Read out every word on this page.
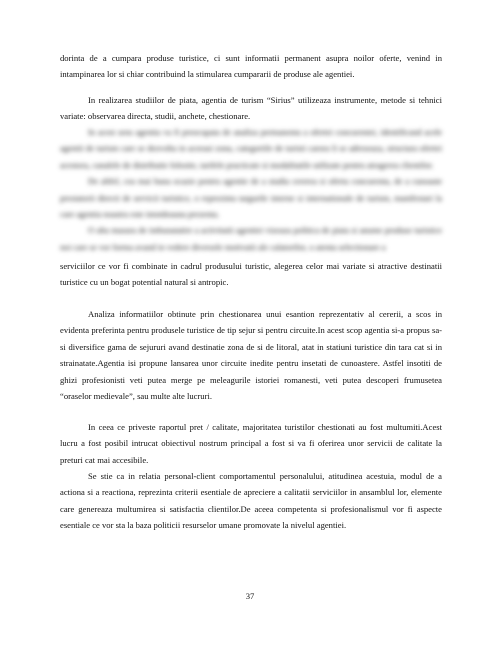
dorinta de a cumpara produse turistice, ci sunt informatii permanent asupra noilor oferte, venind in intampinarea lor si chiar contribuind la stimularea cumpararii de produse ale agentiei.

In realizarea studiilor de piata, agentia de turism “Sirius” utilizeaza instrumente, metode si tehnici variate: observarea directa, studii, anchete, chestionare.

In acest sens agentia va fi preocupata de analiza permanenta a ofertei concurentei, identificand acele agentii de turism care se dezvolta in aceeasi zona, categoriile de turisti carora li se adreseaza, structura ofertei acestora, canalele de distributie folosite, tarifele practicate si modalitatile utilizate pentru atragerea clientilor.

De altfel, cea mai buna ocazie pentru agentie de a studia cererea si oferta concurenta, de a cunoaste prestatorii directi de servicii turistice, o reprezinta targurile interne si internationale de turism, manifestari la care agentia noastra este intotdeauna prezenta.

O alta masura de imbunatatire a activitatii agentiei vizeaza politica de piata si anume produse turistice noi care se vor forma avand in vedere diversele motivatii ale calatorilor, o atenta selectionare a

serviciilor ce vor fi combinate in cadrul produsului turistic, alegerea celor mai variate si atractive destinatii turistice cu un bogat potential natural si antropic.

Analiza informatiilor obtinute prin chestionarea unui esantion reprezentativ al cererii, a scos in evidenta preferinta pentru produsele turistice de tip sejur si pentru circuite.In acest scop agentia si-a propus sa-si diversifice gama de sejururi avand destinatie zona de si de litoral, atat in statiuni turistice din tara cat si in strainatate.Agentia isi propune lansarea unor circuite inedite pentru insetati de cunoastere. Astfel insotiti de ghizi profesionisti veti putea merge pe meleagurile istoriei romanesti, veti putea descoperi frumusetea “oraselor medievale”, sau multe alte lucruri.

In ceea ce priveste raportul pret / calitate, majoritatea turistilor chestionati au fost multumiti.Acest lucru a fost posibil intrucat obiectivul nostrum principal a fost si va fi oferirea unor servicii de calitate la preturi cat mai accesibile.

Se stie ca in relatia personal-client comportamentul personalului, atitudinea acestuia, modul de a actiona si a reactiona, reprezinta criterii esentiale de apreciere a calitatii serviciilor in ansamblul lor, elemente care genereaza multumirea si satisfactia clientilor.De aceea competenta si profesionalismul vor fi aspecte esentiale ce vor sta la baza politicii resurselor umane promovate la nivelul agentiei.

37
